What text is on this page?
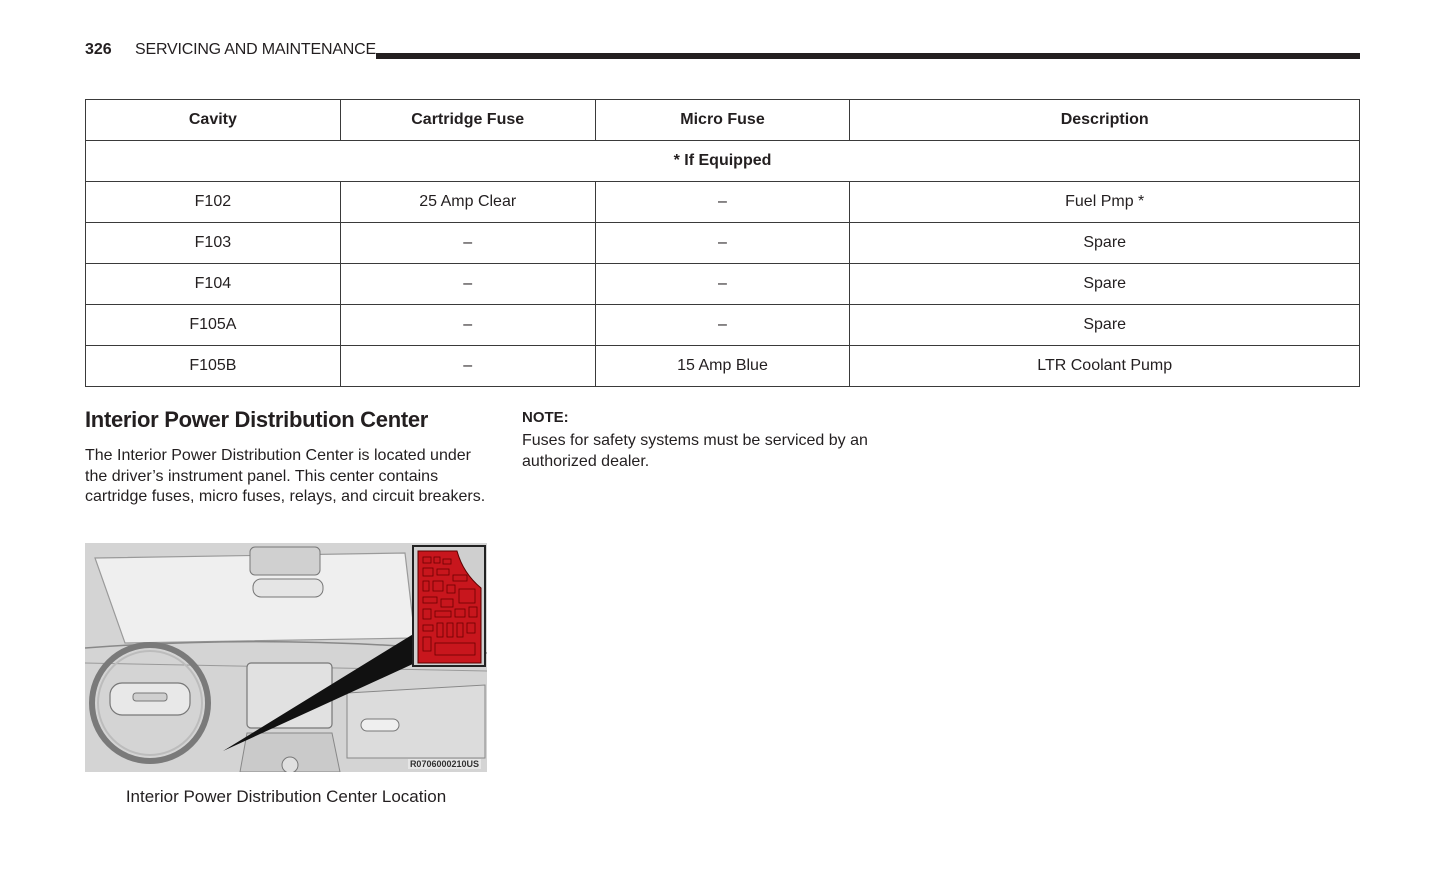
326 SERVICING AND MAINTENANCE
Cavity	Cartridge Fuse	Micro Fuse	Description
* If Equipped			
F102	25 Amp Clear	–	Fuel Pmp *
F103	–	–	Spare
F104	–	–	Spare
F105A	–	–	Spare
F105B	–	15 Amp Blue	LTR Coolant Pump
Interior Power Distribution Center

The Interior Power Distribution Center is located under the driver’s instrument panel. This center contains cartridge fuses, micro fuses, relays, and circuit breakers.

NOTE:

Fuses for safety systems must be serviced by an authorized dealer.

R0706000210US
Interior Power Distribution Center Location
